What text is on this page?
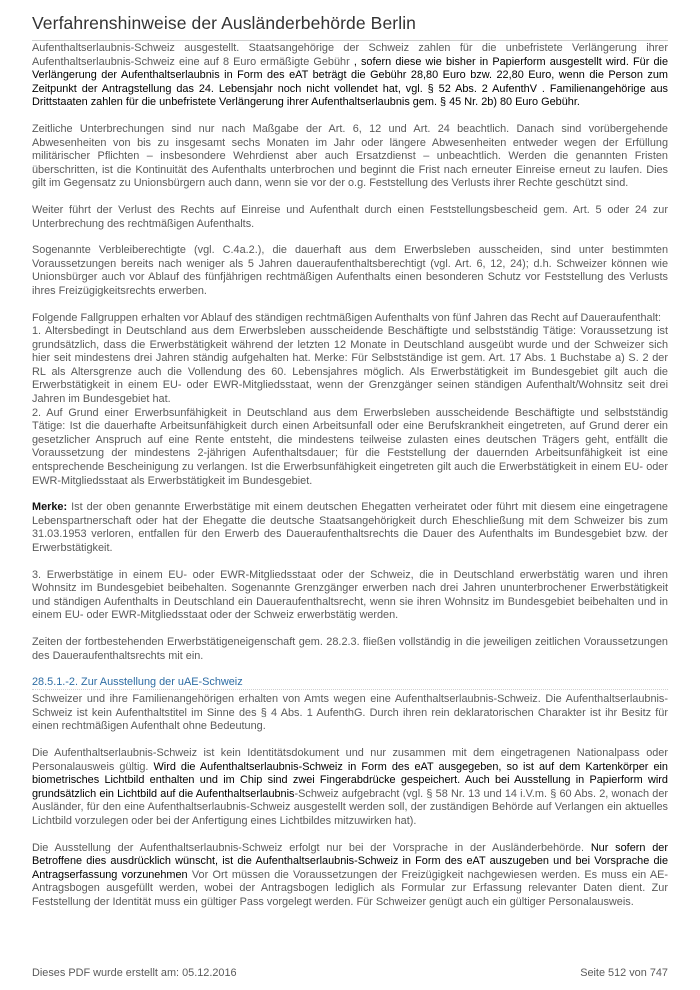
Verfahrenshinweise der Ausländerbehörde Berlin

Aufenthaltserlaubnis-Schweiz ausgestellt. Staatsangehörige der Schweiz zahlen für die unbefristete Verlängerung ihrer Aufenthaltserlaubnis-Schweiz eine auf 8 Euro ermäßigte Gebühr , sofern diese wie bisher in Papierform ausgestellt wird. Für die Verlängerung der Aufenthaltserlaubnis in Form des eAT beträgt die Gebühr 28,80 Euro bzw. 22,80 Euro, wenn die Person zum Zeitpunkt der Antragstellung das 24. Lebensjahr noch nicht vollendet hat, vgl. § 52 Abs. 2 AufenthV . Familienangehörige aus Drittstaaten zahlen für die unbefristete Verlängerung ihrer Aufenthaltserlaubnis gem. § 45 Nr. 2b) 80 Euro Gebühr.

Zeitliche Unterbrechungen sind nur nach Maßgabe der Art. 6, 12 und Art. 24 beachtlich. Danach sind vorübergehende Abwesenheiten von bis zu insgesamt sechs Monaten im Jahr oder längere Abwesenheiten entweder wegen der Erfüllung militärischer Pflichten – insbesondere Wehrdienst aber auch Ersatzdienst – unbeachtlich. Werden die genannten Fristen überschritten, ist die Kontinuität des Aufenthalts unterbrochen und beginnt die Frist nach erneuter Einreise erneut zu laufen. Dies gilt im Gegensatz zu Unionsbürgern auch dann, wenn sie vor der o.g. Feststellung des Verlusts ihrer Rechte geschützt sind.

Weiter führt der Verlust des Rechts auf Einreise und Aufenthalt durch einen Feststellungsbescheid gem. Art. 5 oder 24 zur Unterbrechung des rechtmäßigen Aufenthalts.

Sogenannte Verbleiberechtigte (vgl. C.4a.2.), die dauerhaft aus dem Erwerbsleben ausscheiden, sind unter bestimmten Voraussetzungen bereits nach weniger als 5 Jahren daueraufenthaltsberechtigt (vgl. Art. 6, 12, 24); d.h. Schweizer können wie Unionsbürger auch vor Ablauf des fünfjährigen rechtmäßigen Aufenthalts einen besonderen Schutz vor Feststellung des Verlusts ihres Freizügigkeitsrechts erwerben.

Folgende Fallgruppen erhalten vor Ablauf des ständigen rechtmäßigen Aufenthalts von fünf Jahren das Recht auf Daueraufenthalt:
1. Altersbedingt in Deutschland aus dem Erwerbsleben ausscheidende Beschäftigte und selbstständig Tätige: Voraussetzung ist grundsätzlich, dass die Erwerbstätigkeit während der letzten 12 Monate in Deutschland ausgeübt wurde und der Schweizer sich hier seit mindestens drei Jahren ständig aufgehalten hat. Merke: Für Selbstständige ist gem. Art. 17 Abs. 1 Buchstabe a) S. 2 der RL als Altersgrenze auch die Vollendung des 60. Lebensjahres möglich. Als Erwerbstätigkeit im Bundesgebiet gilt auch die Erwerbstätigkeit in einem EU- oder EWR-Mitgliedsstaat, wenn der Grenzgänger seinen ständigen Aufenthalt/Wohnsitz seit drei Jahren im Bundesgebiet hat.
2. Auf Grund einer Erwerbsunfähigkeit in Deutschland aus dem Erwerbsleben ausscheidende Beschäftigte und selbstständig Tätige: Ist die dauerhafte Arbeitsunfähigkeit durch einen Arbeitsunfall oder eine Berufskrankheit eingetreten, auf Grund derer ein gesetzlicher Anspruch auf eine Rente entsteht, die mindestens teilweise zulasten eines deutschen Trägers geht, entfällt die Voraussetzung der mindestens 2-jährigen Aufenthaltsdauer; für die Feststellung der dauernden Arbeitsunfähigkeit ist eine entsprechende Bescheinigung zu verlangen. Ist die Erwerbsunfähigkeit eingetreten gilt auch die Erwerbstätigkeit in einem EU- oder EWR-Mitgliedsstaat als Erwerbstätigkeit im Bundesgebiet.

Merke: Ist der oben genannte Erwerbstätige mit einem deutschen Ehegatten verheiratet oder führt mit diesem eine eingetragene Lebenspartnerschaft oder hat der Ehegatte die deutsche Staatsangehörigkeit durch Eheschließung mit dem Schweizer bis zum 31.03.1953 verloren, entfallen für den Erwerb des Daueraufenthaltsrechts die Dauer des Aufenthalts im Bundesgebiet bzw. der Erwerbstätigkeit.

3. Erwerbstätige in einem EU- oder EWR-Mitgliedsstaat oder der Schweiz, die in Deutschland erwerbstätig waren und ihren Wohnsitz im Bundesgebiet beibehalten. Sogenannte Grenzgänger erwerben nach drei Jahren ununterbrochener Erwerbstätigkeit und ständigen Aufenthalts in Deutschland ein Daueraufenthaltsrecht, wenn sie ihren Wohnsitz im Bundesgebiet beibehalten und in einem EU- oder EWR-Mitgliedsstaat oder der Schweiz erwerbstätig werden.

Zeiten der fortbestehenden Erwerbstätigeneigenschaft gem. 28.2.3. fließen vollständig in die jeweiligen zeitlichen Voraussetzungen des Daueraufenthaltsrechts mit ein.

28.5.1.-2. Zur Ausstellung der uAE-Schweiz

Schweizer und ihre Familienangehörigen erhalten von Amts wegen eine Aufenthaltserlaubnis-Schweiz. Die Aufenthaltserlaubnis-Schweiz ist kein Aufenthaltstitel im Sinne des § 4 Abs. 1 AufenthG. Durch ihren rein deklaratorischen Charakter ist ihr Besitz für einen rechtmäßigen Aufenthalt ohne Bedeutung.

Die Aufenthaltserlaubnis-Schweiz ist kein Identitätsdokument und nur zusammen mit dem eingetragenen Nationalpass oder Personalausweis gültig. Wird die Aufenthaltserlaubnis-Schweiz in Form des eAT ausgegeben, so ist auf dem Kartenkörper ein biometrisches Lichtbild enthalten und im Chip sind zwei Fingerabdrücke gespeichert. Auch bei Ausstellung in Papierform wird grundsätzlich ein Lichtbild auf die Aufenthaltserlaubnis-Schweiz aufgebracht (vgl. § 58 Nr. 13 und 14 i.V.m. § 60 Abs. 2, wonach der Ausländer, für den eine Aufenthaltserlaubnis-Schweiz ausgestellt werden soll, der zuständigen Behörde auf Verlangen ein aktuelles Lichtbild vorzulegen oder bei der Anfertigung eines Lichtbildes mitzuwirken hat).

Die Ausstellung der Aufenthaltserlaubnis-Schweiz erfolgt nur bei der Vorsprache in der Ausländerbehörde. Nur sofern der Betroffene dies ausdrücklich wünscht, ist die Aufenthaltserlaubnis-Schweiz in Form des eAT auszugeben und bei Vorsprache die Antragserfassung vorzunehmen Vor Ort müssen die Voraussetzungen der Freizügigkeit nachgewiesen werden. Es muss ein AE-Antragsbogen ausgefüllt werden, wobei der Antragsbogen lediglich als Formular zur Erfassung relevanter Daten dient. Zur Feststellung der Identität muss ein gültiger Pass vorgelegt werden. Für Schweizer genügt auch ein gültiger Personalausweis.

Dieses PDF wurde erstellt am: 05.12.2016	Seite 512 von 747
